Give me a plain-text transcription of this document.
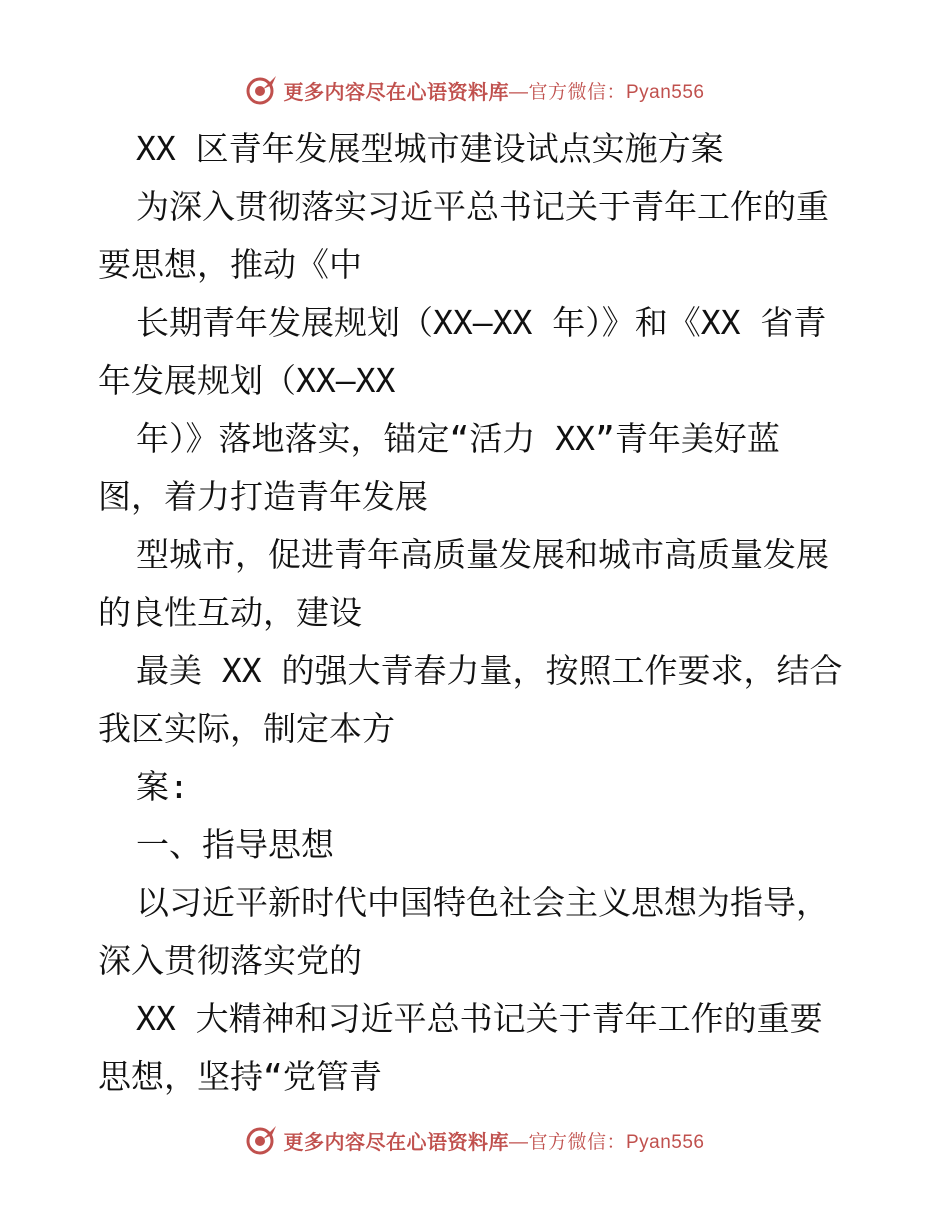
更多内容尽在心语资料库 —官方微信：Pyan556
XX 区青年发展型城市建设试点实施方案
为深入贯彻落实习近平总书记关于青年工作的重
要思想，推动《中
长期青年发展规划（XX—XX 年）》和《XX 省青
年发展规划（XX—XX
年）》落地落实，锚定“活力 XX”青年美好蓝
图，着力打造青年发展
型城市，促进青年高质量发展和城市高质量发展
的良性互动，建设
最美 XX 的强大青春力量，按照工作要求，结合
我区实际，制定本方
案:
一、指导思想
以习近平新时代中国特色社会主义思想为指导，
深入贯彻落实党的
XX 大精神和习近平总书记关于青年工作的重要
思想，坚持“党管青
更多内容尽在心语资料库 —官方微信：Pyan556
